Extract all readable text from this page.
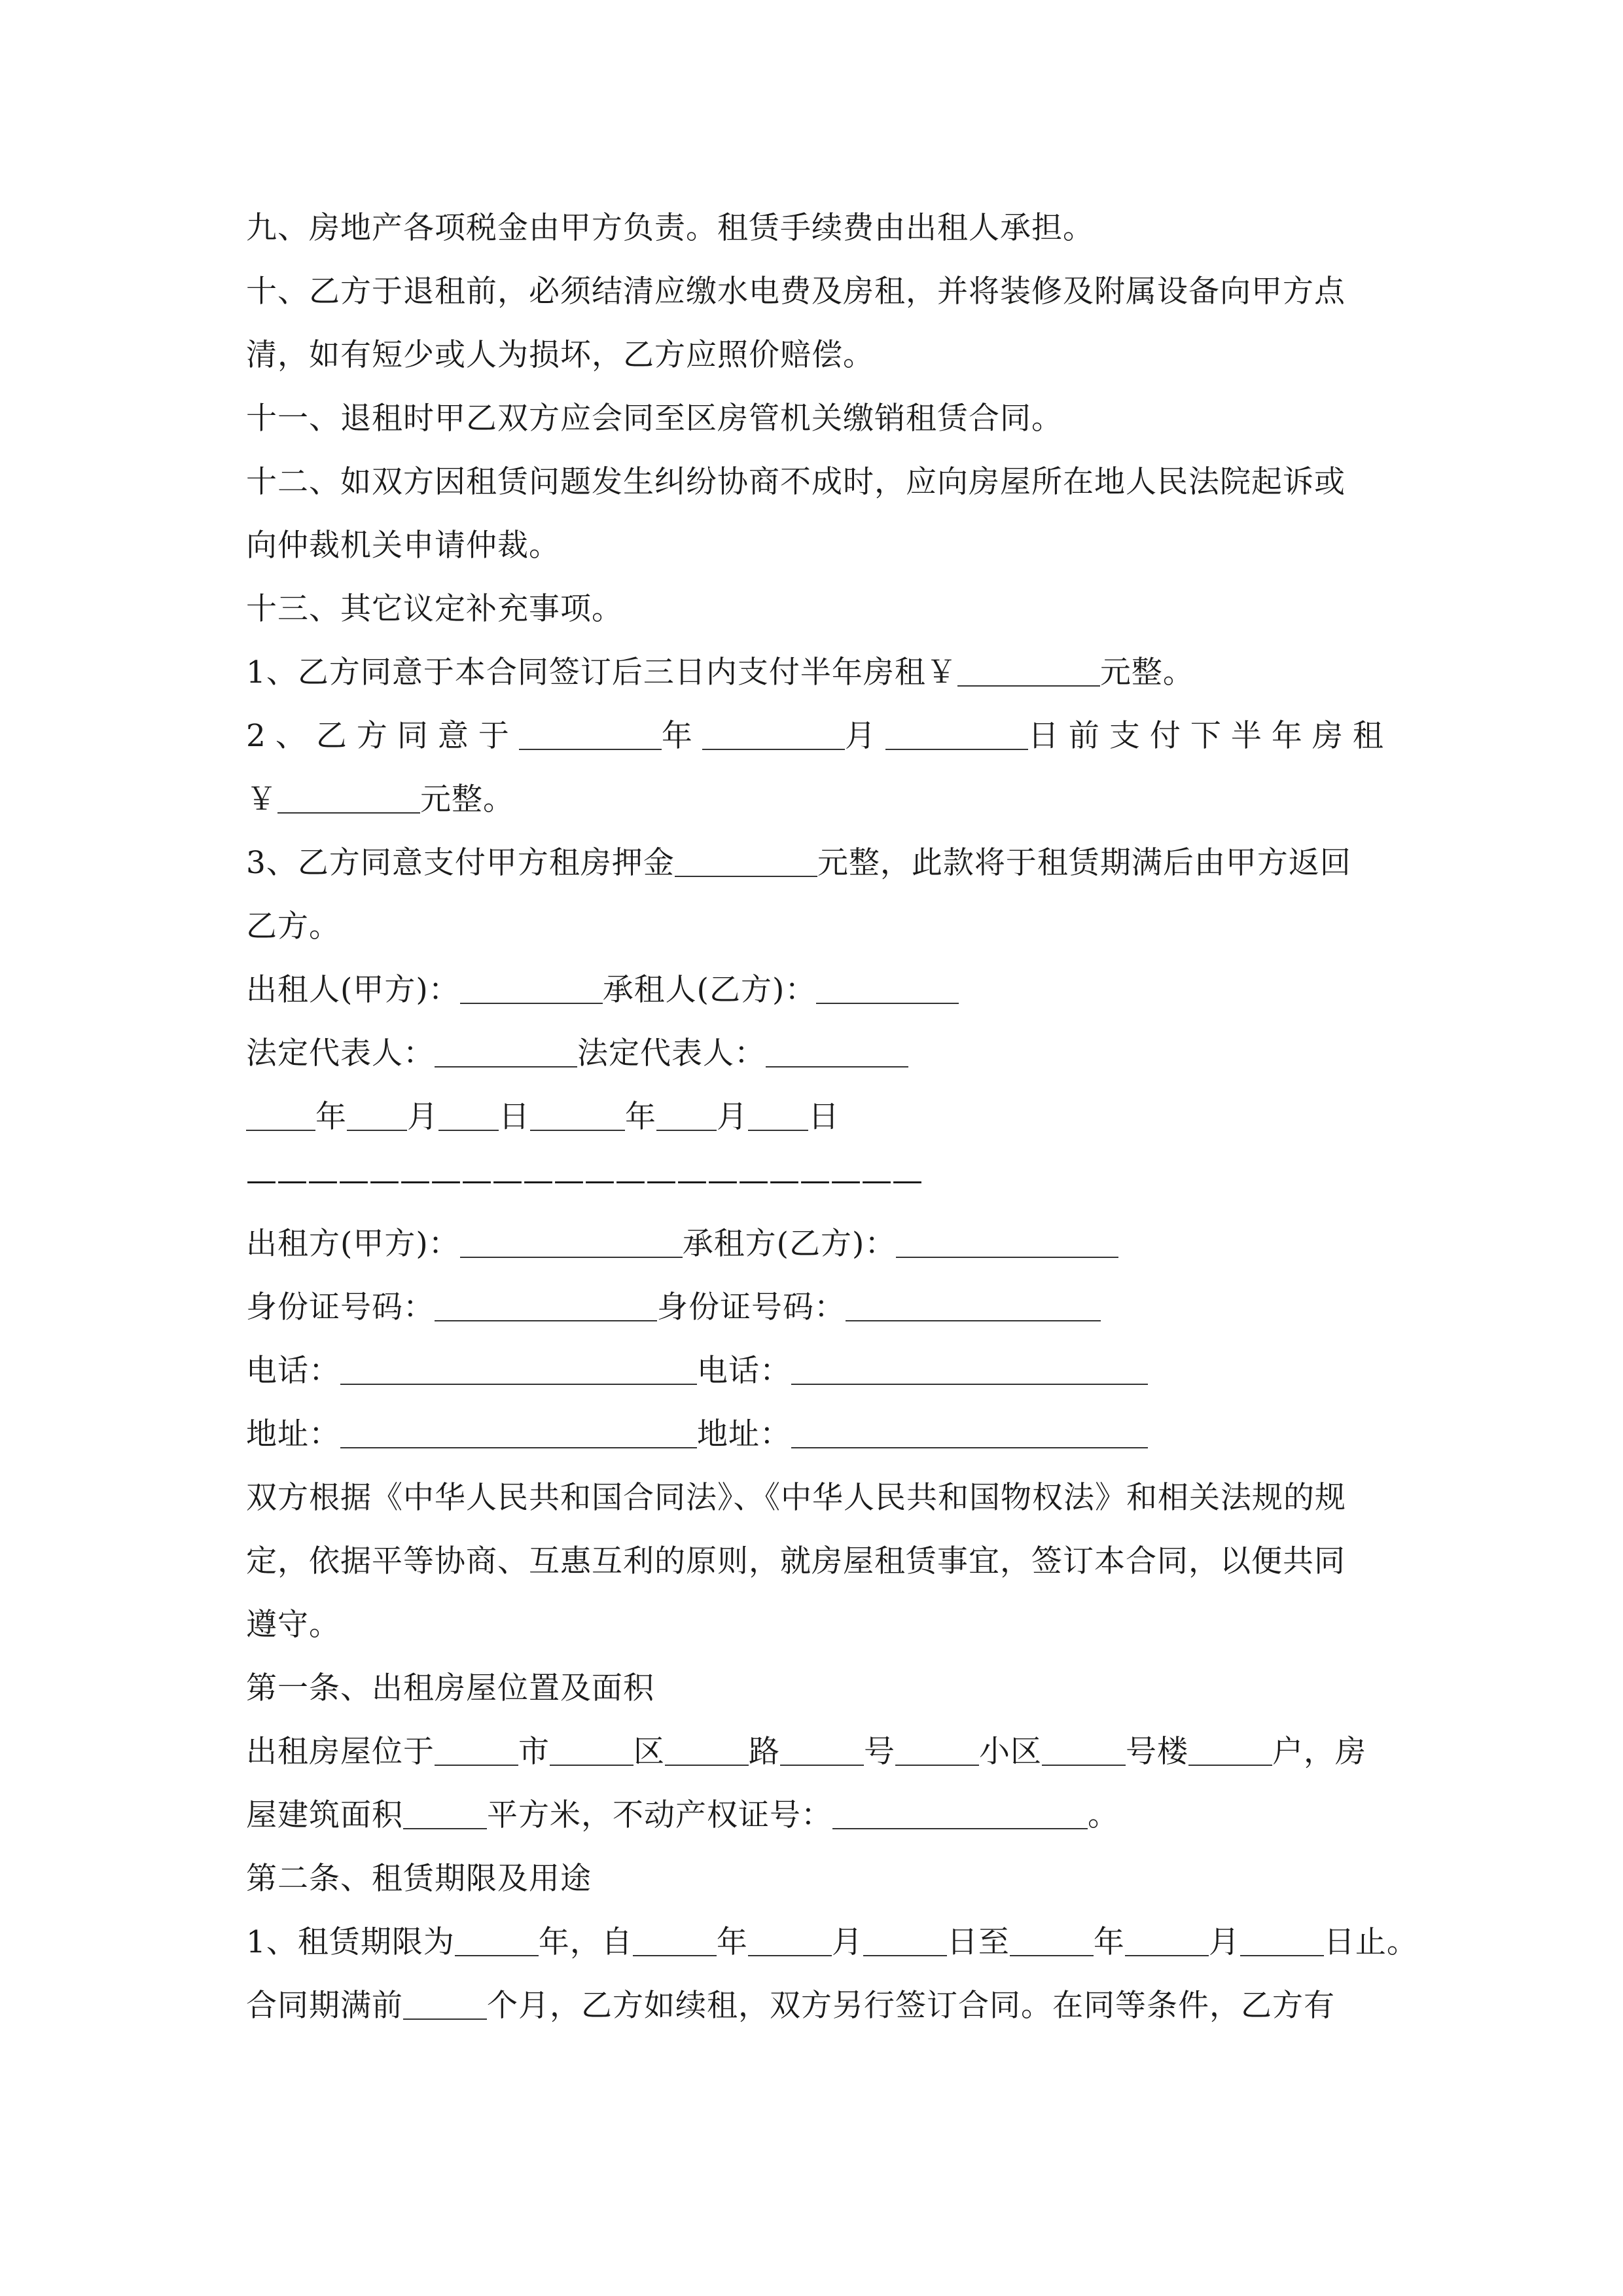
九、房地产各项税金由甲方负责。租赁手续费由出租人承担。
十、乙方于退租前，必须结清应缴水电费及房租，并将装修及附属设备向甲方点
清，如有短少或人为损坏，乙方应照价赔偿。
十一、退租时甲乙双方应会同至区房管机关缴销租赁合同。
十二、如双方因租赁问题发生纠纷协商不成时，应向房屋所在地人民法院起诉或
向仲裁机关申请仲裁。
十三、其它议定补充事项。
1、乙方同意于本合同签订后三日内支付半年房租￥	元整。
2、乙方同意于	年	月	日前支付下半年房租
￥	元整。
3、乙方同意支付甲方租房押金	元整，此款将于租赁期满后由甲方返回
乙方。
出租人(甲方)：	承租人(乙方)：
法定代表人：	法定代表人：
年 月 日	年 月 日
——————————————————————
出租方(甲方)：	承租方(乙方)：
身份证号码：	身份证号码：
电话：	电话：
地址：	地址：
双方根据《中华人民共和国合同法》、《中华人民共和国物权法》和相关法规的规
定，依据平等协商、互惠互利的原则，就房屋租赁事宜，签订本合同，以便共同
遵守。
第一条、出租房屋位置及面积
出租房屋位于	市	区	路	号	小区	号楼	户，房
屋建筑面积	平方米，不动产权证号：	。
第二条、租赁期限及用途
1、租赁期限为	年，自	年	月	日至	年	月	日止。
合同期满前	个月，乙方如续租，双方另行签订合同。在同等条件，乙方有
